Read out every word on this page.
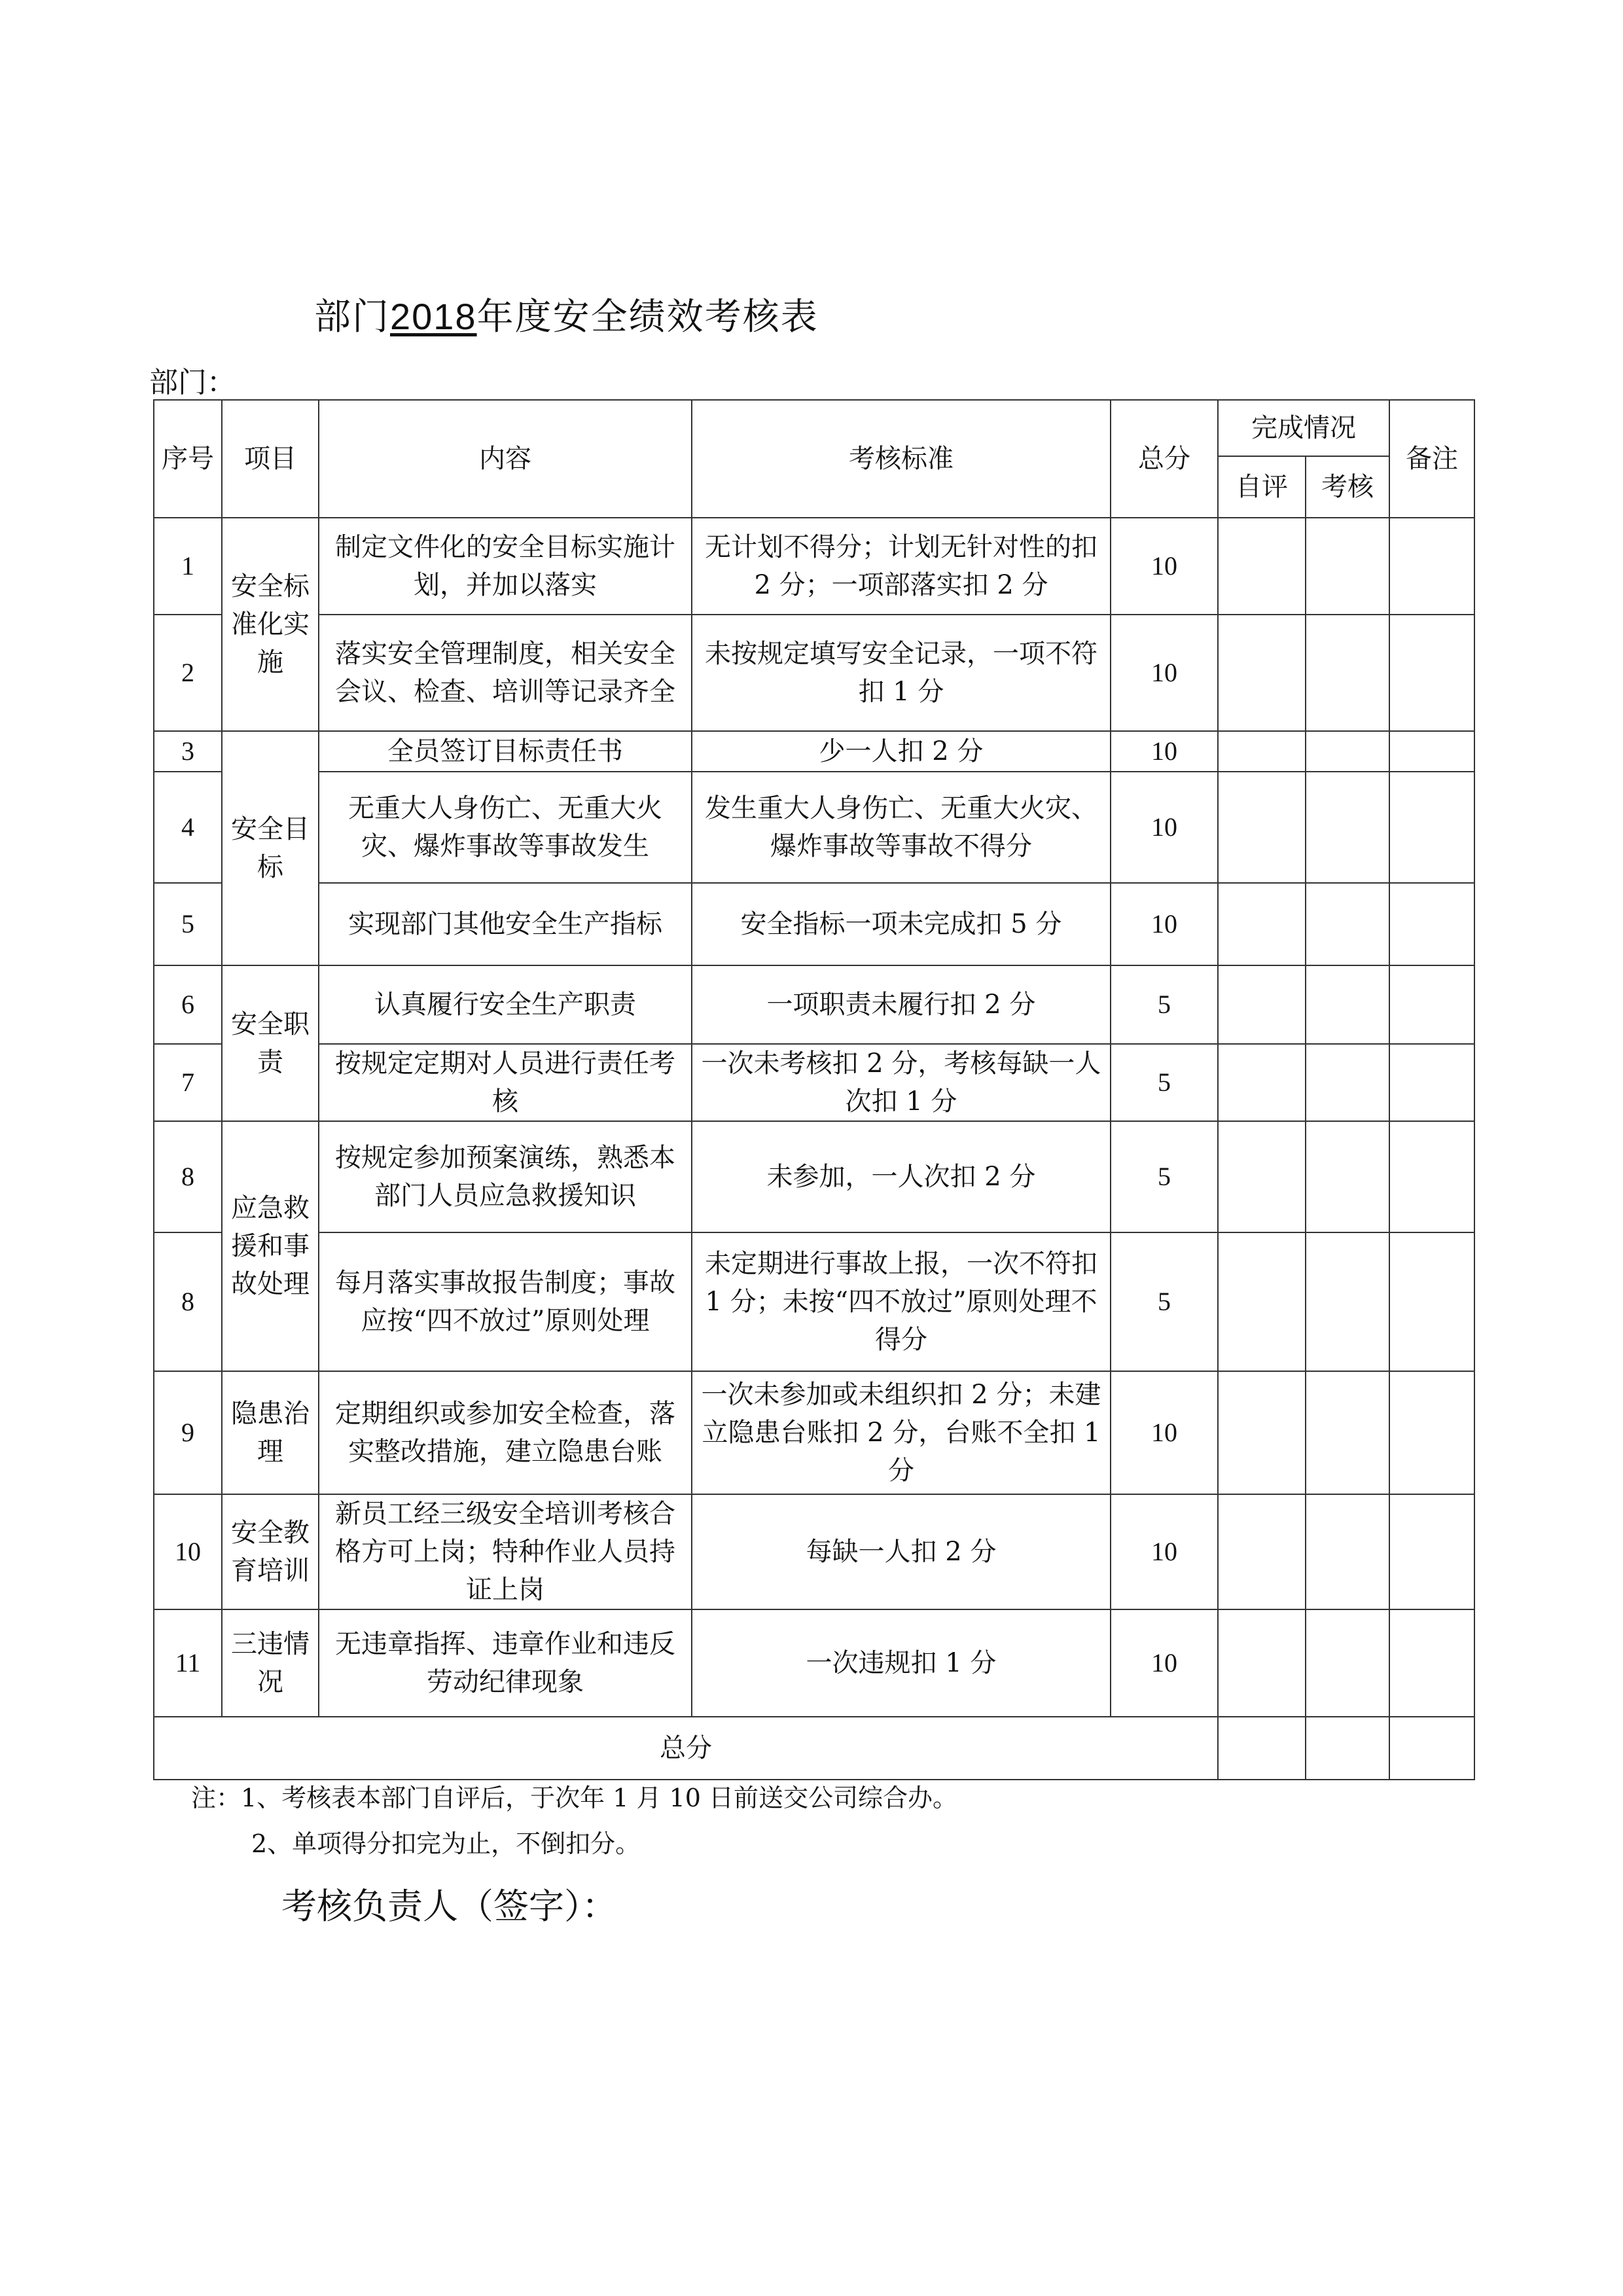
部门2018年度安全绩效考核表
部门：
序号	项目	内容	考核标准	总分	完成情况		备注
					自评	考核	
1	安全标准化实施	制定文件化的安全目标实施计划，并加以落实	无计划不得分；计划无针对性的扣 2 分；一项部落实扣 2 分	10			
2		落实安全管理制度，相关安全会议、检查、培训等记录齐全	未按规定填写安全记录，一项不符扣 1 分	10			
3	安全目标	全员签订目标责任书	少一人扣 2 分	10			
4		无重大人身伤亡、无重大火灾、爆炸事故等事故发生	发生重大人身伤亡、无重大火灾、爆炸事故等事故不得分	10			
5		实现部门其他安全生产指标	安全指标一项未完成扣 5 分	10			
6	安全职责	认真履行安全生产职责	一项职责未履行扣 2 分	5			
7		按规定定期对人员进行责任考核	一次未考核扣 2 分，考核每缺一人次扣 1 分	5			
8	应急救援和事故处理	按规定参加预案演练，熟悉本部门人员应急救援知识	未参加，一人次扣 2 分	5			
8		每月落实事故报告制度；事故应按“四不放过”原则处理	未定期进行事故上报，一次不符扣 1 分；未按“四不放过”原则处理不得分	5			
9	隐患治理	定期组织或参加安全检查，落实整改措施，建立隐患台账	一次未参加或未组织扣 2 分；未建立隐患台账扣 2 分，台账不全扣 1 分	10			
10	安全教育培训	新员工经三级安全培训考核合格方可上岗；特种作业人员持证上岗	每缺一人扣 2 分	10			
11	三违情况	无违章指挥、违章作业和违反劳动纪律现象	一次违规扣 1 分	10			
总分							
注：1、考核表本部门自评后，于次年 1 月 10 日前送交公司综合办。
2、单项得分扣完为止，不倒扣分。
考核负责人（签字）：
